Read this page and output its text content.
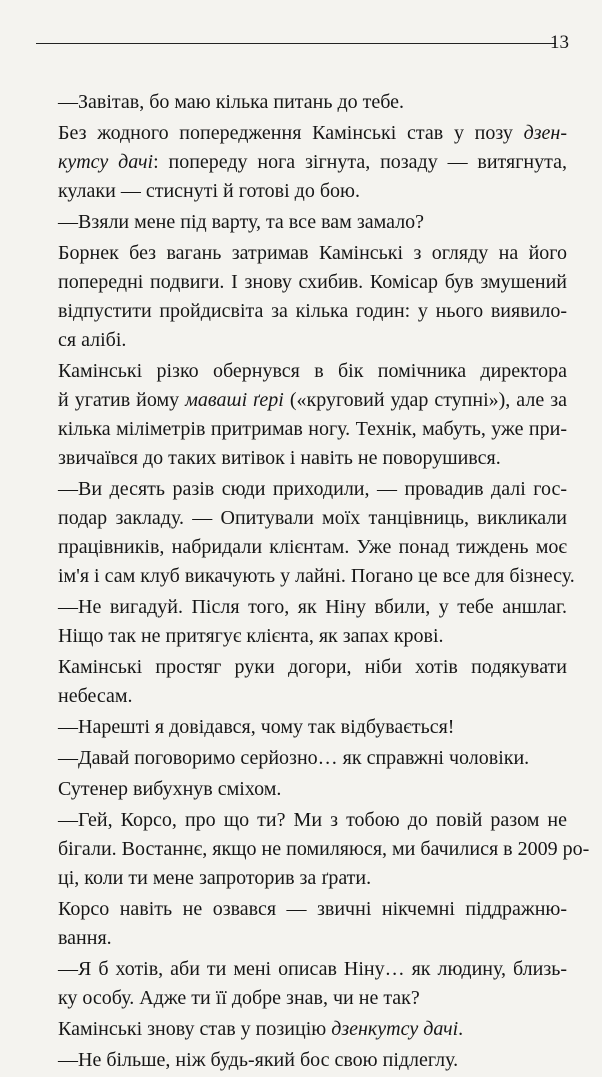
13
—Завітав, бо маю кілька питань до тебе.
Без жодного попередження Камінські став у позу дзен-
кутсу дачі: попереду нога зігнута, позаду — витягнута,
кулаки — стиснуті й готові до бою.
—Взяли мене під варту, та все вам замало?
Борнек без вагань затримав Камінські з огляду на його
попередні подвиги. І знову схибив. Комісар був змушений
відпустити пройдисвіта за кілька годин: у нього виявило-
ся алібі.
Камінські різко обернувся в бік помічника директора
й угатив йому маваші ґері («круговий удар ступні»), але за
кілька міліметрів притримав ногу. Технік, мабуть, уже при-
звичаївся до таких витівок і навіть не поворушився.
—Ви десять разів сюди приходили, — провадив далі гос-
подар закладу. — Опитували моїх танцівниць, викликали
працівників, набридали клієнтам. Уже понад тиждень моє
ім'я і сам клуб викачують у лайні. Погано це все для бізнесу.
—Не вигадуй. Після того, як Ніну вбили, у тебе аншлаг.
Ніщо так не притягує клієнта, як запах крові.
Камінські простяг руки догори, ніби хотів подякувати
небесам.
—Нарешті я довідався, чому так відбувається!
—Давай поговоримо серйозно… як справжні чоловіки.
Сутенер вибухнув сміхом.
—Гей, Корсо, про що ти? Ми з тобою до повій разом не
бігали. Востаннє, якщо не помиляюся, ми бачилися в 2009 ро-
ці, коли ти мене запроторив за ґрати.
Корсо навіть не озвався — звичні нікчемні піддражню-
вання.
—Я б хотів, аби ти мені описав Ніну… як людину, близь-
ку особу. Адже ти її добре знав, чи не так?
Камінські знову став у позицію дзенкутсу дачі.
—Не більше, ніж будь-який бос свою підлеглу.
